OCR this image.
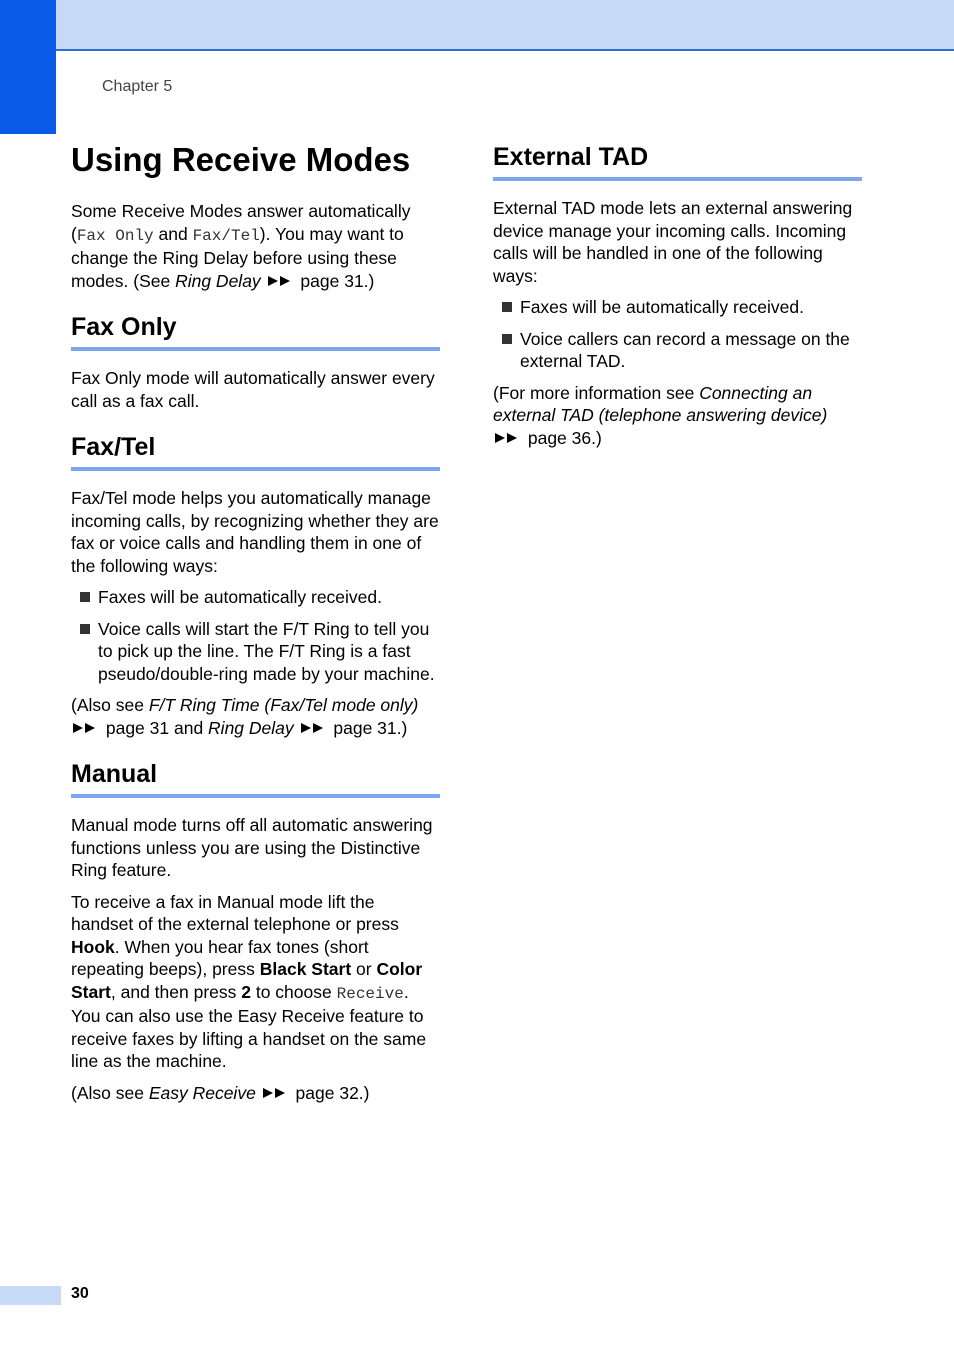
Chapter 5
Using Receive Modes

Some Receive Modes answer automatically (Fax Only and Fax/Tel). You may want to change the Ring Delay before using these modes. (See Ring Delay  page 31.)

Fax Only

Fax Only mode will automatically answer every call as a fax call.

Fax/Tel

Fax/Tel mode helps you automatically manage incoming calls, by recognizing whether they are fax or voice calls and handling them in one of the following ways:

Faxes will be automatically received.
Voice calls will start the F/T Ring to tell you to pick up the line. The F/T Ring is a fast pseudo/double-ring made by your machine.

(Also see F/T Ring Time (Fax/Tel mode only)
page 31 and Ring Delay  page 31.)

Manual

Manual mode turns off all automatic answering functions unless you are using the Distinctive Ring feature.

To receive a fax in Manual mode lift the handset of the external telephone or press Hook. When you hear fax tones (short repeating beeps), press Black Start or Color Start, and then press 2 to choose Receive. You can also use the Easy Receive feature to receive faxes by lifting a handset on the same line as the machine.

(Also see Easy Receive  page 32.)

External TAD

External TAD mode lets an external answering device manage your incoming calls. Incoming calls will be handled in one of the following ways:

Faxes will be automatically received.
Voice callers can record a message on the external TAD.

(For more information see Connecting an external TAD (telephone answering device)
page 36.)

30
